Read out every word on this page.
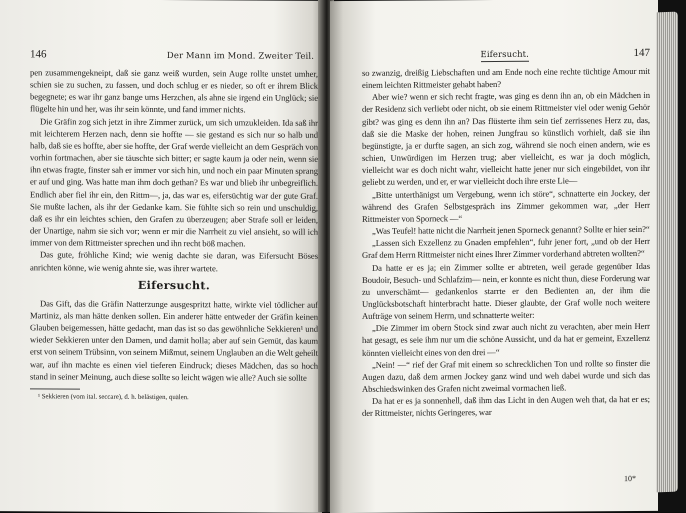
146	Der Mann im Mond. Zweiter Teil.

pen zusammengekneipt, daß sie ganz weiß wurden, sein Auge rollte unstet umher, schien sie zu suchen, zu fassen, und doch schlug er es nieder, so oft er ihrem Blick begegnete; es war ihr ganz bange ums Herzchen, als ahne sie irgend ein Unglück; sie flügelte hin und her, was ihr sein könnte, und fand immer nichts.

Die Gräfin zog sich jetzt in ihre Zimmer zurück, um sich umzukleiden. Ida saß ihr mit leichterem Herzen nach, denn sie hoffte — sie gestand es sich nur so halb und halb, daß sie es hoffte, aber sie hoffte, der Graf werde vielleicht an dem Gespräch von vorhin fortmachen, aber sie täuschte sich bitter; er sagte kaum ja oder nein, wenn sie ihn etwas fragte, finster sah er immer vor sich hin, und noch ein paar Minuten sprang er auf und ging. Was hatte man ihm doch gethan? Es war und blieb ihr unbegreiflich. Endlich aber fiel ihr ein, den Rittm—, ja, das war es, eifersüchtig war der gute Graf. Sie mußte lachen, als ihr der Gedanke kam. Sie fühlte sich so rein und unschuldig, daß es ihr ein leichtes schien, den Grafen zu überzeugen; aber Strafe soll er leiden, der Unartige, nahm sie sich vor; wenn er mir die Narrheit zu viel ansieht, so will ich immer von dem Rittmeister sprechen und ihn recht böß machen.

Das gute, fröhliche Kind; wie wenig dachte sie daran, was Eifersucht Böses anrichten könne, wie wenig ahnte sie, was ihrer wartete.

Eifersucht.

Das Gift, das die Gräfin Natterzunge ausgespritzt hatte, wirkte viel tödlicher auf Martiniz, als man hätte denken sollen. Ein anderer hätte entweder der Gräfin keinen Glauben beigemessen, hätte gedacht, man das ist so das gewöhnliche Sekkieren¹ und wieder Sekkieren unter den Damen, und damit holla; aber auf sein Gemüt, das kaum erst von seinem Trübsinn, von seinem Mißmut, seinem Unglauben an die Welt geheilt war, auf ihn machte es einen viel tieferen Eindruck; dieses Mädchen, das so hoch stand in seiner Meinung, auch diese sollte so leicht wägen wie alle? Auch sie sollte

¹ Sekkieren (vom ital. seccare), d. h. belästigen, quälen.
Eifersucht.	147

so zwanzig, dreißig Liebschaften und am Ende noch eine rechte tüchtige Amour mit einem leichten Rittmeister gehabt haben?

Aber wie? wenn er sich recht fragte, was ging es denn ihn an, ob ein Mädchen in der Residenz sich verliebt oder nicht, ob sie einem Rittmeister viel oder wenig Gehör gibt? was ging es denn ihn an? Das flüsterte ihm sein tief zerrissenes Herz zu, das, daß sie die Maske der hohen, reinen Jungfrau so künstlich vorhielt, daß sie ihn begünstigte, ja er durfte sagen, an sich zog, während sie noch einen andern, wie es schien, Unwürdigen im Herzen trug; aber vielleicht, es war ja doch möglich, vielleicht war es doch nicht wahr, vielleicht hatte jener nur sich eingebildet, von ihr geliebt zu werden, und er, er war vielleicht doch ihre erste Lie—

„Bitte unterthänigst um Vergebung, wenn ich störe“, schnatterte ein Jockey, der während des Grafen Selbstgespräch ins Zimmer gekommen war, „der Herr Rittmeister von Sporneck —“

„Was Teufel! hatte nicht die Narrheit jenen Sporneck genannt? Sollte er hier sein?“

„Lassen sich Exzellenz zu Gnaden empfehlen“, fuhr jener fort, „und ob der Herr Graf dem Herrn Rittmeister nicht eines Ihrer Zimmer vorderhand abtreten wollten?“

Da hatte er es ja; ein Zimmer sollte er abtreten, weil gerade gegenüber Idas Boudoir, Besuch- und Schlafzim— nein, er konnte es nicht thun, diese Forderung war zu unverschämt— gedankenlos starrte er den Bedienten an, der ihm die Unglücksbotschaft hinterbracht hatte. Dieser glaubte, der Graf wolle noch weitere Aufträge von seinem Herrn, und schnatterte weiter:

„Die Zimmer im obern Stock sind zwar auch nicht zu verachten, aber mein Herr hat gesagt, es seie ihm nur um die schöne Aussicht, und da hat er gemeint, Exzellenz könnten vielleicht eines von den drei —“

„Nein! —“ rief der Graf mit einem so schrecklichen Ton und rollte so finster die Augen dazu, daß dem armen Jockey ganz wind und weh dabei wurde und sich das Abschiedswinken des Grafen nicht zweimal vormachen ließ.

Da hat er es ja sonnenhell, daß ihm das Licht in den Augen weh that, da hat er es; der Rittmeister, nichts Geringeres, war

10*
